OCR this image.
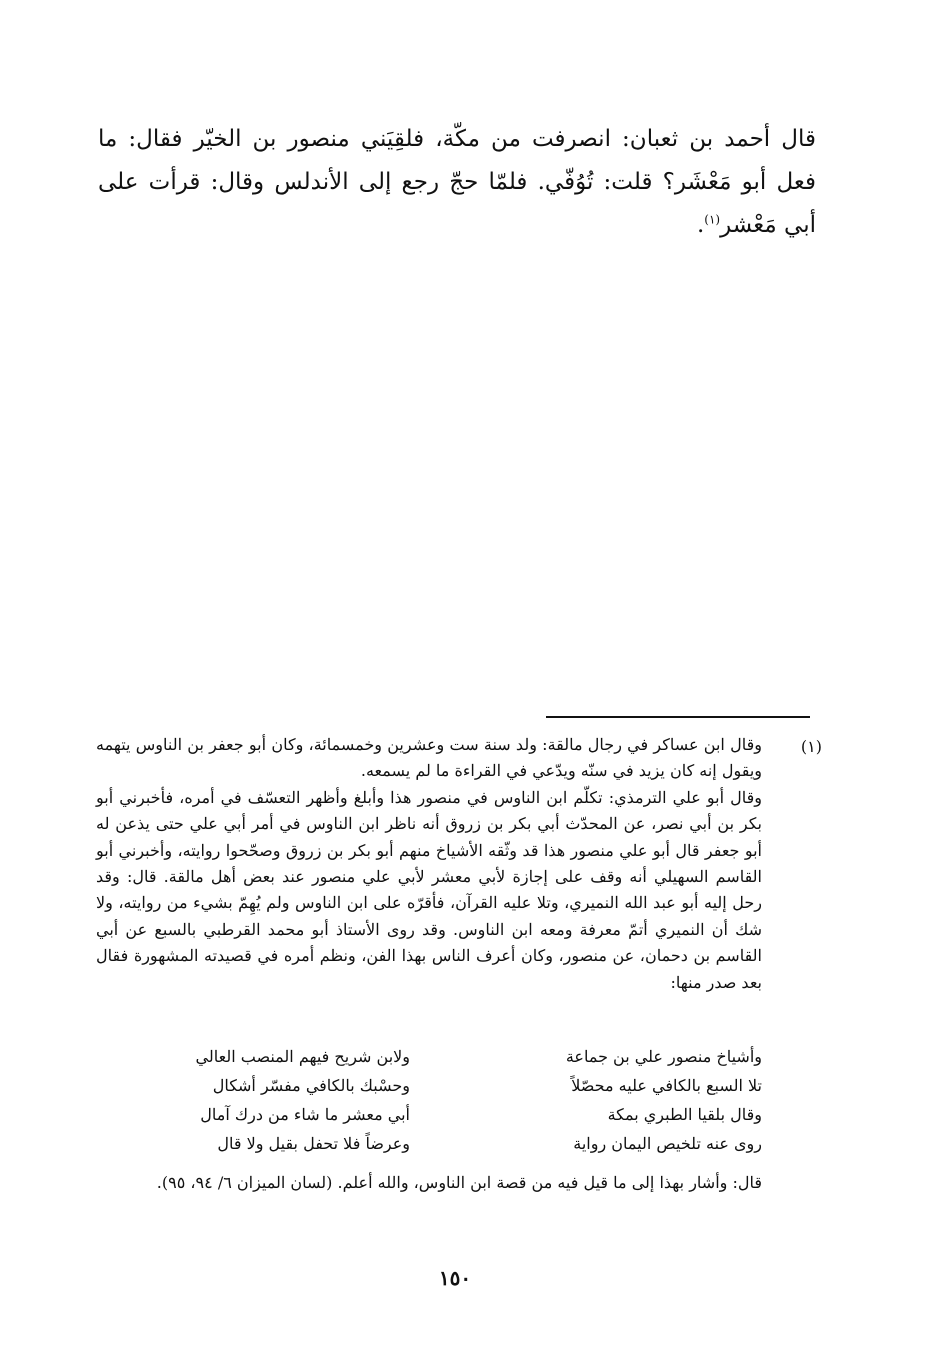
قال أحمد بن ثعبان: انصرفت من مكّة، فلقِيَني منصور بن الخيّر فقال: ما فعل أبو مَعْشَر؟ قلت: تُوُفّي. فلمّا حجّ رجع إلى الأندلس وقال: قرأت على أبي مَعْشر$^{(١)}$.

(١)

وقال ابن عساكر في رجال مالقة: ولد سنة ست وعشرين وخمسمائة، وكان أبو جعفر بن الناوس يتهمه ويقول إنه كان يزيد في سنّه ويدّعي في القراءة ما لم يسمعه.

وقال أبو علي الترمذي: تكلّم ابن الناوس في منصور هذا وأبلغ وأظهر التعسّف في أمره، فأخبرني أبو بكر بن أبي نصر، عن المحدّث أبي بكر بن زروق أنه ناظر ابن الناوس في أمر أبي علي حتى يذعن له أبو جعفر قال أبو علي منصور هذا قد وثّقه الأشياخ منهم أبو بكر بن زروق وصحّحوا روايته، وأخبرني أبو القاسم السهيلي أنه وقف على إجازة لأبي معشر لأبي علي منصور عند بعض أهل مالقة. قال: وقد رحل إليه أبو عبد الله النميري، وتلا عليه القرآن، فأقرّه على ابن الناوس ولم يُهِمّ بشيء من روايته، ولا شك أن النميري أتمّ معرفة ومعه ابن الناوس. وقد روى الأستاذ أبو محمد القرطبي بالسبع عن أبي القاسم بن دحمان، عن منصور، وكان أعرف الناس بهذا الفن، ونظم أمره في قصيدته المشهورة فقال بعد صدر منها:

وأشياخ منصور علي بن جماعة
ولابن شريح فيهم المنصب العالي
تلا السبع بالكافي عليه محصّلاً
وحسْبك بالكافي مفسّر أشكال
وقال بلقيا الطبري بمكة
أبي معشر ما شاء من درك آمال
روى عنه تلخيص اليمان رواية
وعرضاً فلا تحفل بقيل ولا قال

قال: وأشار بهذا إلى ما قيل فيه من قصة ابن الناوس، والله أعلم. (لسان الميزان ٦/ ٩٤، ٩٥).

١٥٠
